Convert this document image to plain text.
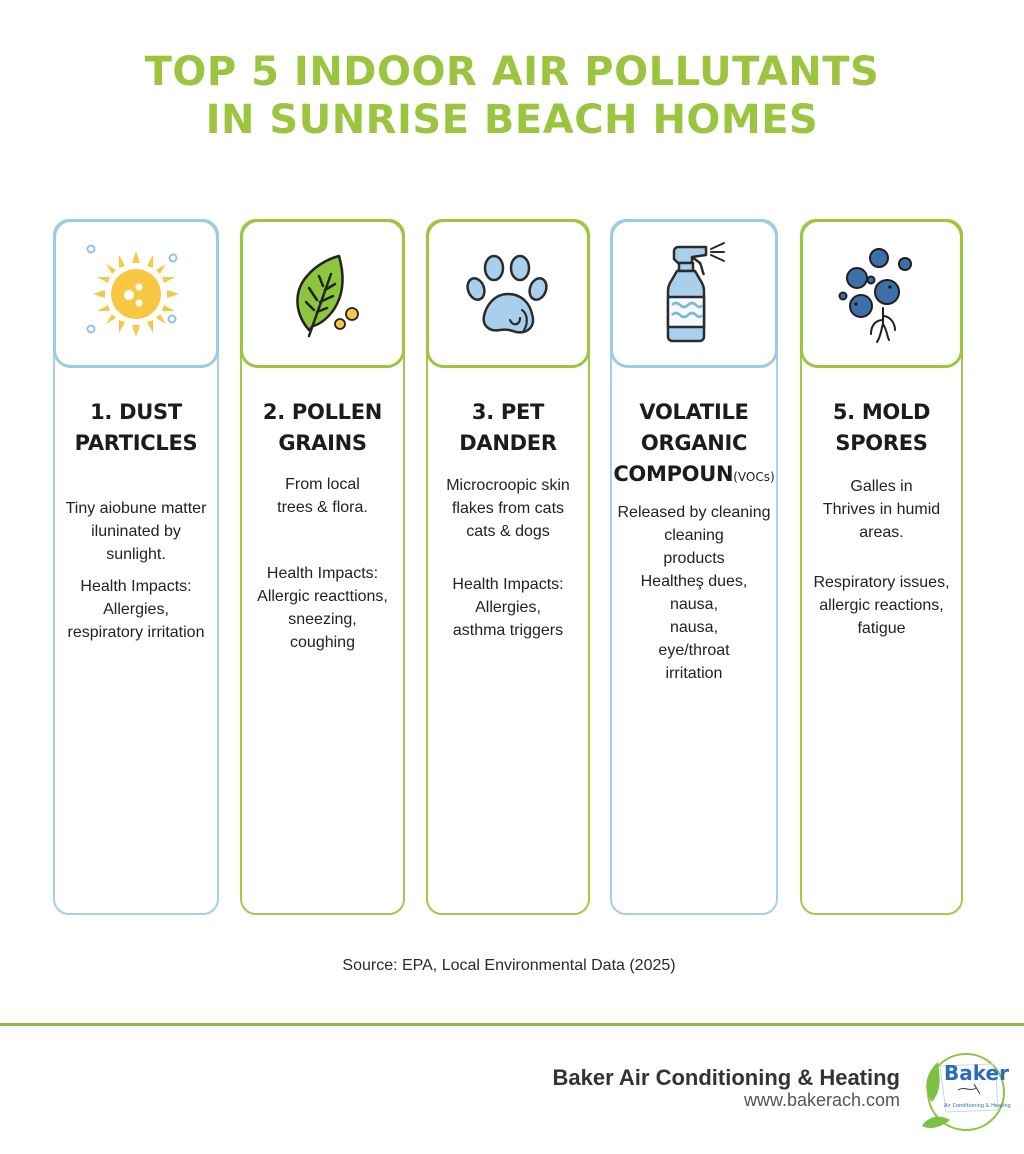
TOP 5 INDOOR AIR POLLUTANTS
IN SUNRISE BEACH HOMES
1. DUST
PARTICLES
Tiny aiobune matter
iluninated by
sunlight.
Health Impacts:
Allergies,
respiratory irritation
2. POLLEN
GRAINS
From local
trees & flora.
Health Impacts:
Allergic reacttions,
sneezing,
coughing
3. PET
DANDER
Microcroopic skin
flakes from cats
cats & dogs
Health Impacts:
Allergies,
asthma triggers
VOLATILE
ORGANIC
COMPOUN(VOCs)
Released by cleaning
cleaning
products
Healtheş dues,
nausa,
nausa,
eye/throat
irritation
5. MOLD
SPORES
Galles in
Thrives in humid
areas.
Respiratory issues,
allergic reactions,
fatigue
Source: EPA, Local Environmental Data (2025)
Baker Air Conditioning & Heating
www.bakerach.com
Baker
Air Conditioning & Heating
